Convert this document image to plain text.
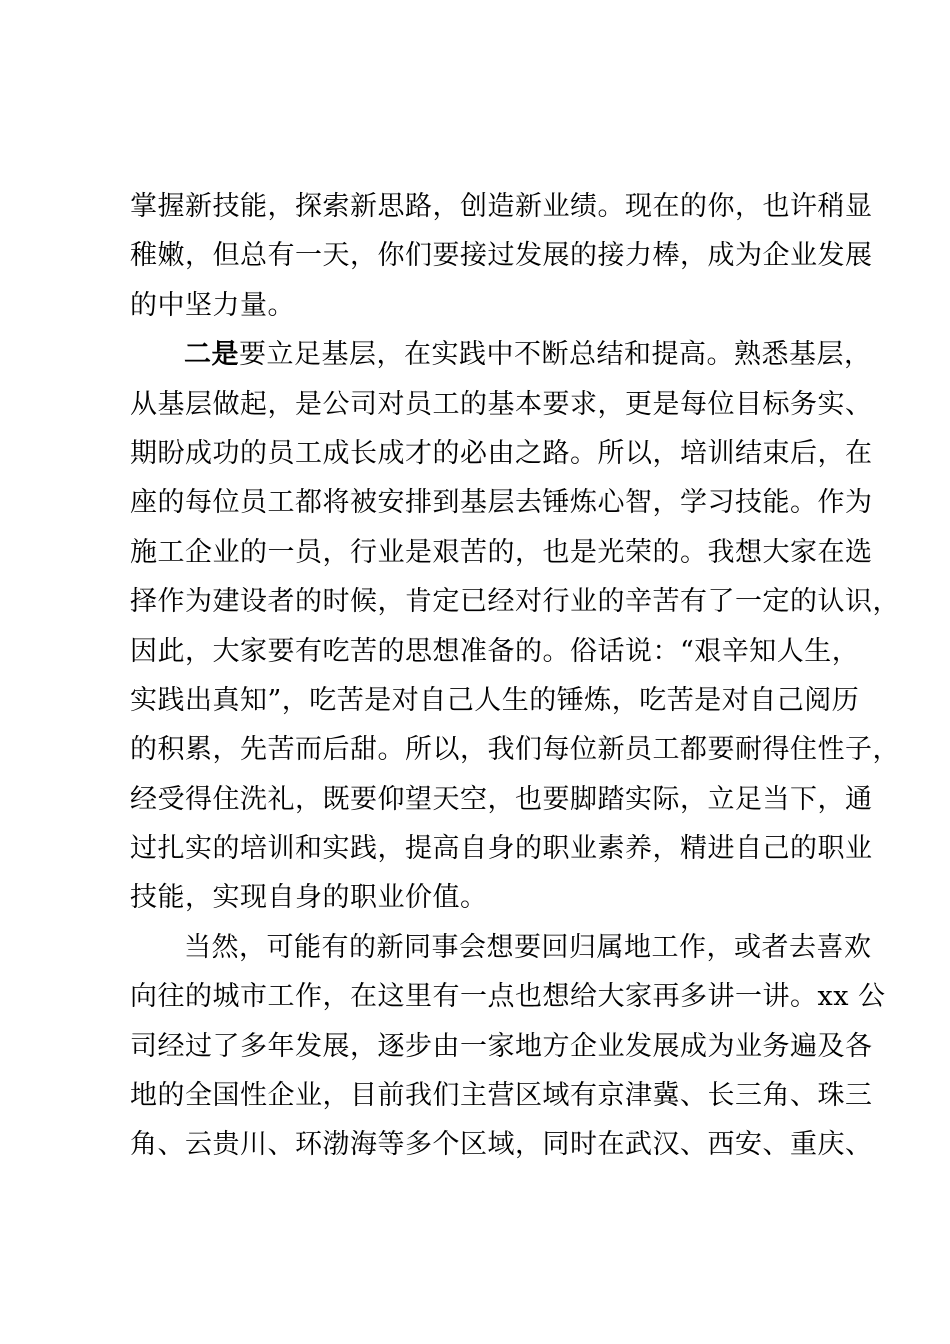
掌握新技能，探索新思路，创造新业绩。现在的你，也许稍显
稚嫩，但总有一天，你们要接过发展的接力棒，成为企业发展
的中坚力量。
二是要立足基层，在实践中不断总结和提高。熟悉基层，
从基层做起，是公司对员工的基本要求，更是每位目标务实、
期盼成功的员工成长成才的必由之路。所以，培训结束后，在
座的每位员工都将被安排到基层去锤炼心智，学习技能。作为
施工企业的一员，行业是艰苦的，也是光荣的。我想大家在选
择作为建设者的时候，肯定已经对行业的辛苦有了一定的认识，
因此，大家要有吃苦的思想准备的。俗话说：“艰辛知人生，
实践出真知”，吃苦是对自己人生的锤炼，吃苦是对自己阅历
的积累，先苦而后甜。所以，我们每位新员工都要耐得住性子，
经受得住洗礼，既要仰望天空，也要脚踏实际，立足当下，通
过扎实的培训和实践，提高自身的职业素养，精进自己的职业
技能，实现自身的职业价值。
当然，可能有的新同事会想要回归属地工作，或者去喜欢
向往的城市工作，在这里有一点也想给大家再多讲一讲。xx 公
司经过了多年发展，逐步由一家地方企业发展成为业务遍及各
地的全国性企业，目前我们主营区域有京津冀、长三角、珠三
角、云贵川、环渤海等多个区域，同时在武汉、西安、重庆、
